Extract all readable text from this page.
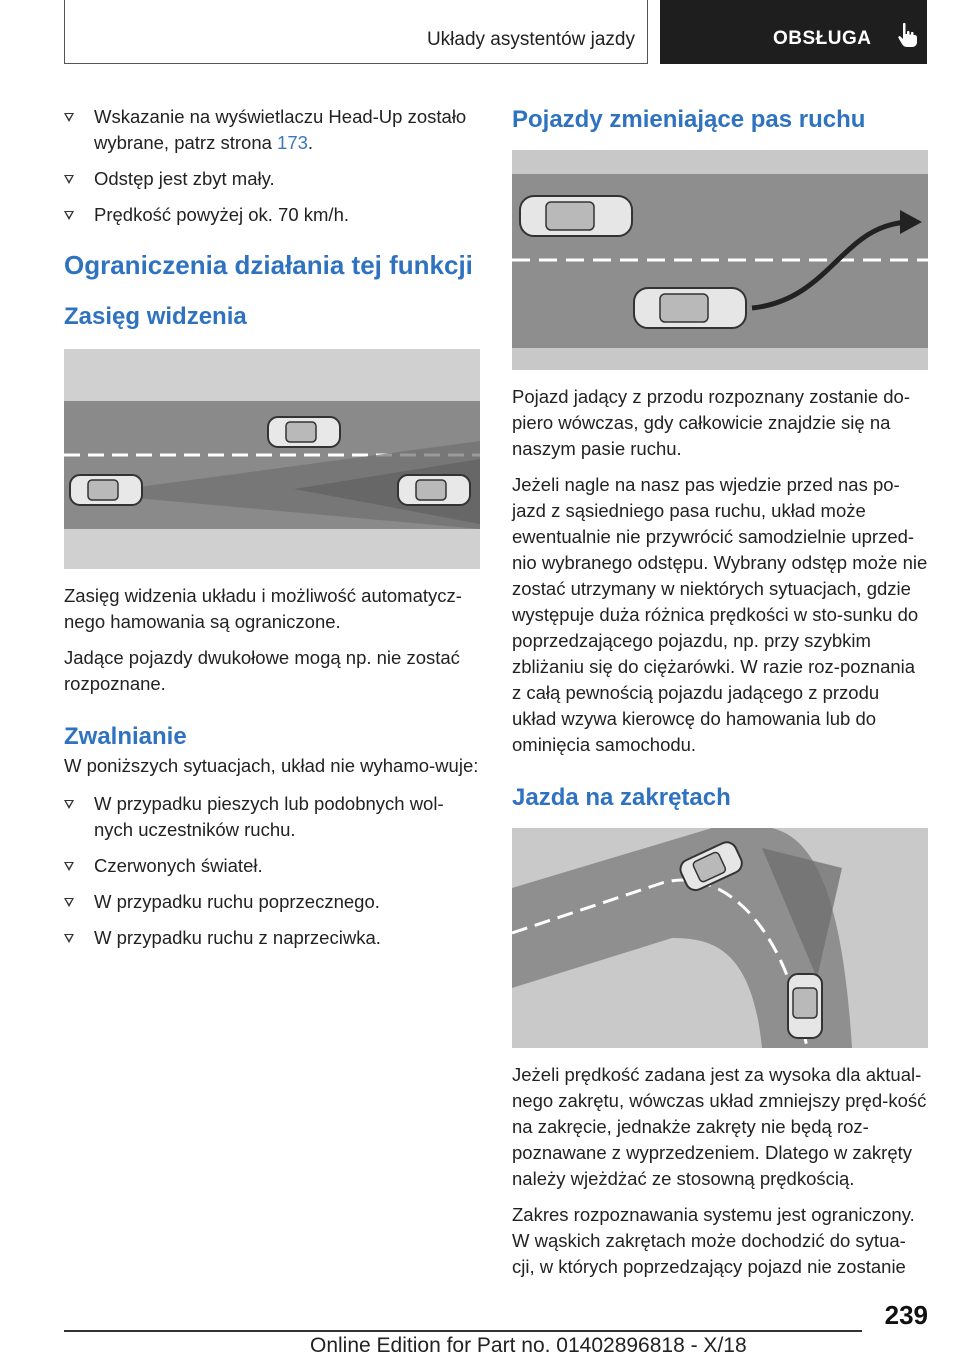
Układy asystentów jazdy	OBSŁUGA
Wskazanie na wyświetlaczu Head-Up zostało wybrane, patrz strona 173.
Odstęp jest zbyt mały.
Prędkość powyżej ok. 70 km/h.
Ograniczenia działania tej funkcji
Zasięg widzenia

Zasięg widzenia układu i możliwość automatycz-nego hamowania są ograniczone.

Jadące pojazdy dwukołowe mogą np. nie zostać rozpoznane.

Zwalnianie

W poniższych sytuacjach, układ nie wyhamo-wuje:

W przypadku pieszych lub podobnych wol-nych uczestników ruchu.
Czerwonych świateł.
W przypadku ruchu poprzecznego.
W przypadku ruchu z naprzeciwka.
Pojazdy zmieniające pas ruchu

Pojazd jadący z przodu rozpoznany zostanie do-piero wówczas, gdy całkowicie znajdzie się na naszym pasie ruchu.

Jeżeli nagle na nasz pas wjedzie przed nas po-jazd z sąsiedniego pasa ruchu, układ może ewentualnie nie przywrócić samodzielnie uprzed-nio wybranego odstępu. Wybrany odstęp może nie zostać utrzymany w niektórych sytuacjach, gdzie występuje duża różnica prędkości w sto-sunku do poprzedzającego pojazdu, np. przy szybkim zbliżaniu się do ciężarówki. W razie roz-poznania z całą pewnością pojazdu jadącego z przodu układ wzywa kierowcę do hamowania lub do ominięcia samochodu.

Jazda na zakrętach

Jeżeli prędkość zadana jest za wysoka dla aktual-nego zakrętu, wówczas układ zmniejszy pręd-kość na zakręcie, jednakże zakręty nie będą roz-poznawane z wyprzedzeniem. Dlatego w zakręty należy wjeżdżać ze stosowną prędkością.

Zakres rozpoznawania systemu jest ograniczony. W wąskich zakrętach może dochodzić do sytua-cji, w których poprzedzający pojazd nie zostanie

239
Online Edition for Part no. 01402896818 - X/18
